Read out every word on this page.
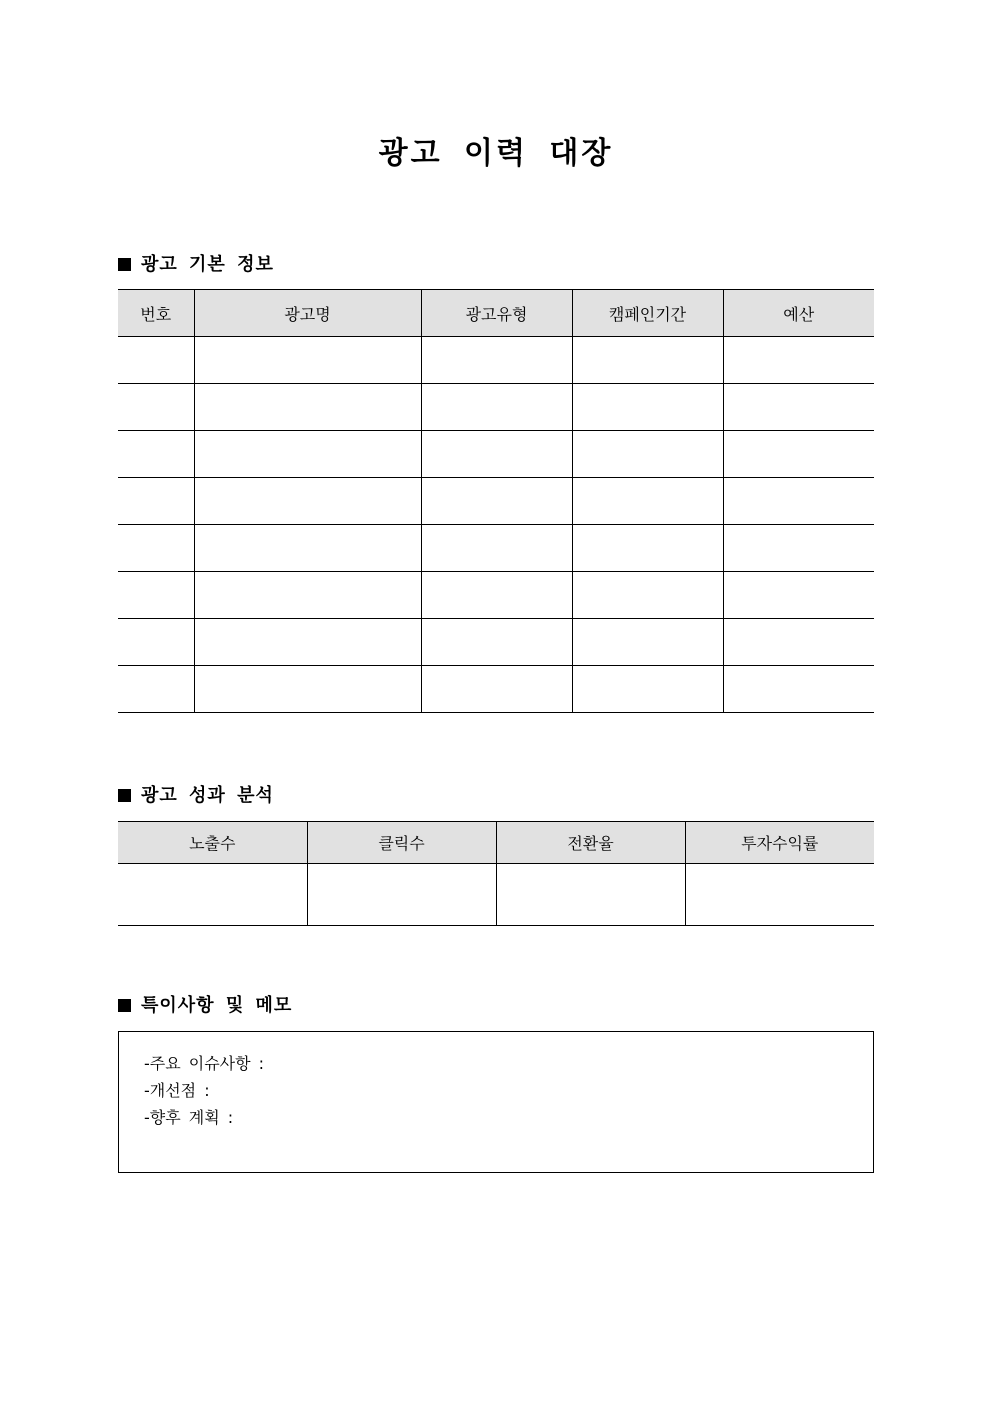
광고 이력 대장
광고 기본 정보
번호	광고명	광고유형	캠페인기간	예산

광고 성과 분석
노출수	클릭수	전환율	투자수익률

특이사항 및 메모
-주요 이슈사항 :
-개선점 :
-향후 계획 :
